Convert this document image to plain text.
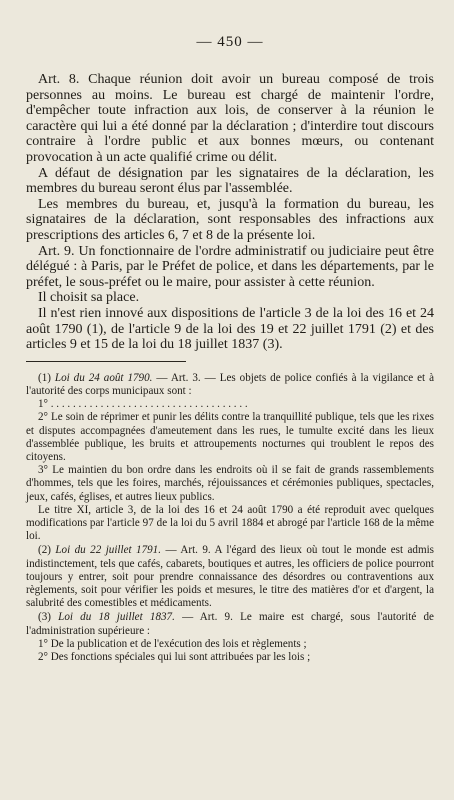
— 450 —

Art. 8. Chaque réunion doit avoir un bureau composé de trois personnes au moins. Le bureau est chargé de maintenir l'ordre, d'empêcher toute infraction aux lois, de conserver à la réunion le caractère qui lui a été donné par la déclaration ; d'interdire tout discours contraire à l'ordre public et aux bonnes mœurs, ou contenant provocation à un acte qualifié crime ou délit.

A défaut de désignation par les signataires de la déclaration, les membres du bureau seront élus par l'assemblée.

Les membres du bureau, et, jusqu'à la formation du bureau, les signataires de la déclaration, sont responsables des infractions aux prescriptions des articles 6, 7 et 8 de la présente loi.

Art. 9. Un fonctionnaire de l'ordre administratif ou judiciaire peut être délégué : à Paris, par le Préfet de police, et dans les départements, par le préfet, le sous-préfet ou le maire, pour assister à cette réunion.

Il choisit sa place.

Il n'est rien innové aux dispositions de l'article 3 de la loi des 16 et 24 août 1790 (1), de l'article 9 de la loi des 19 et 22 juillet 1791 (2) et des articles 9 et 15 de la loi du 18 juillet 1837 (3).

(1) Loi du 24 août 1790. — Art. 3. — Les objets de police confiés à la vigilance et à l'autorité des corps municipaux sont :

1° . . . . . . . . . . . . . . . . . . . . . . . . . . . . . . . . . . . .

2° Le soin de réprimer et punir les délits contre la tranquillité publique, tels que les rixes et disputes accompagnées d'ameutement dans les rues, le tumulte excité dans les lieux d'assemblée publique, les bruits et attroupements nocturnes qui troublent le repos des citoyens.

3° Le maintien du bon ordre dans les endroits où il se fait de grands rassemblements d'hommes, tels que les foires, marchés, réjouissances et cérémonies publiques, spectacles, jeux, cafés, églises, et autres lieux publics.

Le titre XI, article 3, de la loi des 16 et 24 août 1790 a été reproduit avec quelques modifications par l'article 97 de la loi du 5 avril 1884 et abrogé par l'article 168 de la même loi.

(2) Loi du 22 juillet 1791. — Art. 9. A l'égard des lieux où tout le monde est admis indistinctement, tels que cafés, cabarets, boutiques et autres, les officiers de police pourront toujours y entrer, soit pour prendre connaissance des désordres ou contraventions aux règlements, soit pour vérifier les poids et mesures, le titre des matières d'or et d'argent, la salubrité des comestibles et médicaments.

(3) Loi du 18 juillet 1837. — Art. 9. Le maire est chargé, sous l'autorité de l'administration supérieure :

1° De la publication et de l'exécution des lois et règlements ;

2° Des fonctions spéciales qui lui sont attribuées par les lois ;
